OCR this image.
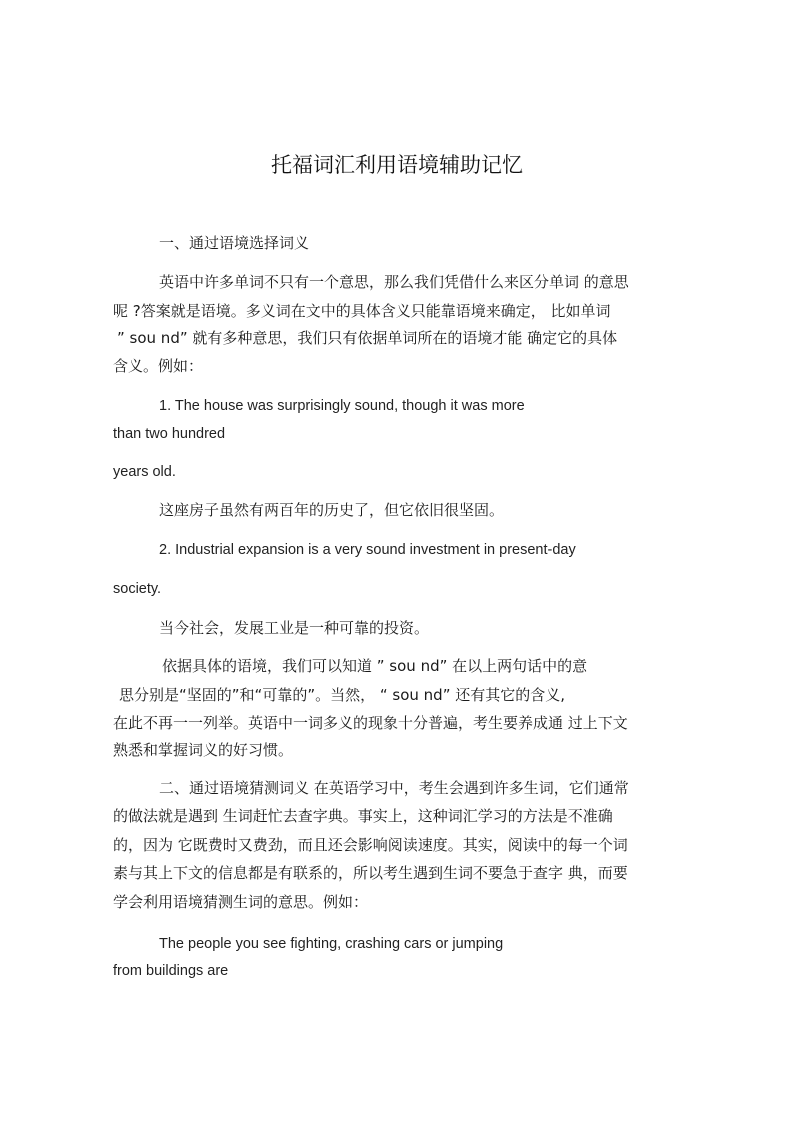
托福词汇利用语境辅助记忆
一、通过语境选择词义
英语中许多单词不只有一个意思，那么我们凭借什么来区分单词 的意思
呢 ?答案就是语境。多义词在文中的具体含义只能靠语境来确定， 比如单词
” sou nd” 就有多种意思，我们只有依据单词所在的语境才能 确定它的具体
含义。例如：
1. The house was surprisingly sound, though it was more
than two hundred
years old.
这座房子虽然有两百年的历史了，但它依旧很坚固。
2. Industrial expansion is a very sound investment in present-day
society.
当今社会，发展工业是一种可靠的投资。
依据具体的语境，我们可以知道 ” sou nd” 在以上两句话中的意
思分别是“坚固的”和“可靠的”。当然， “ sou nd” 还有其它的含义,
在此不再一一列举。英语中一词多义的现象十分普遍，考生要养成通 过上下文
熟悉和掌握词义的好习惯。
二、通过语境猜测词义 在英语学习中，考生会遇到许多生词，它们通常
的做法就是遇到 生词赶忙去查字典。事实上，这种词汇学习的方法是不准确
的，因为 它既费时又费劲，而且还会影响阅读速度。其实，阅读中的每一个词
素与其上下文的信息都是有联系的，所以考生遇到生词不要急于查字 典，而要
学会利用语境猜测生词的意思。例如：
The people you see fighting, crashing cars or jumping
from buildings are
